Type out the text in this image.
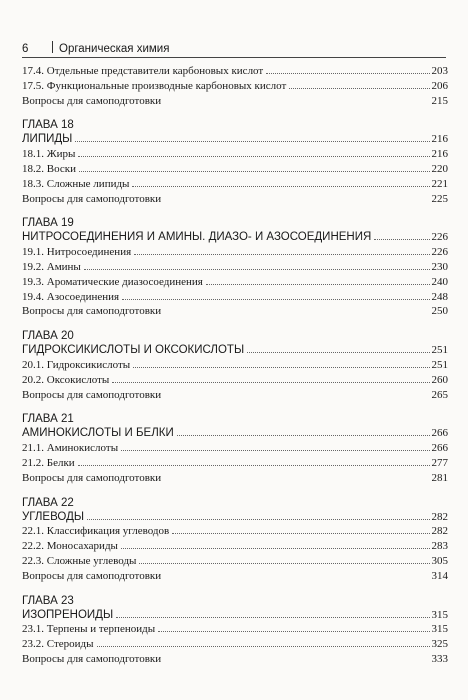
6	Органическая химия
17.4. Отдельные представители карбоновых кислот	203
17.5. Функциональные производные карбоновых кислот	206
Вопросы для самоподготовки	215
ГЛАВА 18
ЛИПИДЫ	216
18.1. Жиры	216
18.2. Воски	220
18.3. Сложные липиды	221
Вопросы для самоподготовки	225
ГЛАВА 19
НИТРОСОЕДИНЕНИЯ И АМИНЫ. ДИАЗО- И АЗОСОЕДИНЕНИЯ	226
19.1. Нитросоединения	226
19.2. Амины	230
19.3. Ароматические диазосоединения	240
19.4. Азосоединения	248
Вопросы для самоподготовки	250
ГЛАВА 20
ГИДРОКСИКИСЛОТЫ И ОКСОКИСЛОТЫ	251
20.1. Гидроксикислоты	251
20.2. Оксокислоты	260
Вопросы для самоподготовки	265
ГЛАВА 21
АМИНОКИСЛОТЫ И БЕЛКИ	266
21.1. Аминокислоты	266
21.2. Белки	277
Вопросы для самоподготовки	281
ГЛАВА 22
УГЛЕВОДЫ	282
22.1. Классификация углеводов	282
22.2. Моносахариды	283
22.3. Сложные углеводы	305
Вопросы для самоподготовки	314
ГЛАВА 23
ИЗОПРЕНОИДЫ	315
23.1. Терпены и терпеноиды	315
23.2. Стероиды	325
Вопросы для самоподготовки	333
